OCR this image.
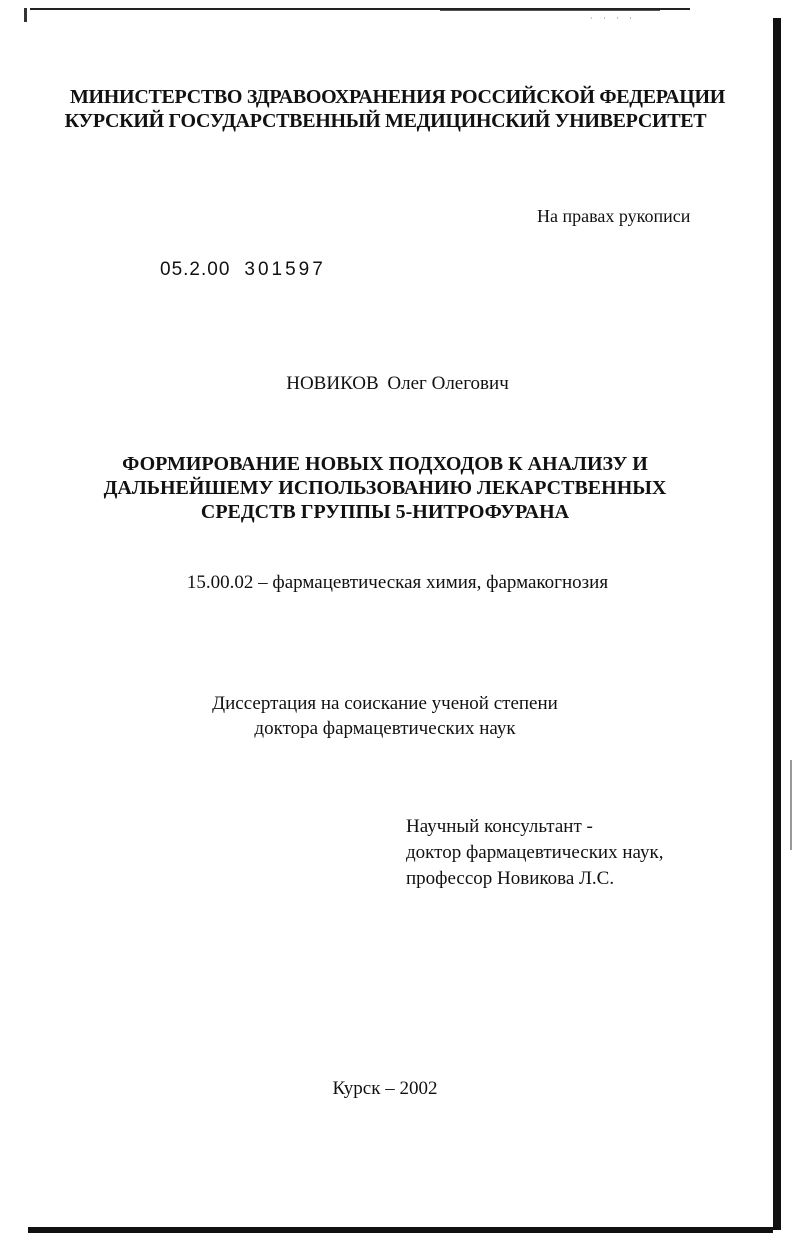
· · · ·
МИНИСТЕРСТВО ЗДРАВООХРАНЕНИЯ РОССИЙСКОЙ ФЕДЕРАЦИИ
КУРСКИЙ ГОСУДАРСТВЕННЫЙ МЕДИЦИНСКИЙ УНИВЕРСИТЕТ
На правах рукописи
05.2.00 301597
НОВИКОВ Олег Олегович
ФОРМИРОВАНИЕ НОВЫХ ПОДХОДОВ К АНАЛИЗУ И
ДАЛЬНЕЙШЕМУ ИСПОЛЬЗОВАНИЮ ЛЕКАРСТВЕННЫХ
СРЕДСТВ ГРУППЫ 5-НИТРОФУРАНА
15.00.02 – фармацевтическая химия, фармакогнозия
Диссертация на соискание ученой степени
доктора фармацевтических наук
Научный консультант -
доктор фармацевтических наук,
профессор Новикова Л.С.
Курск – 2002
